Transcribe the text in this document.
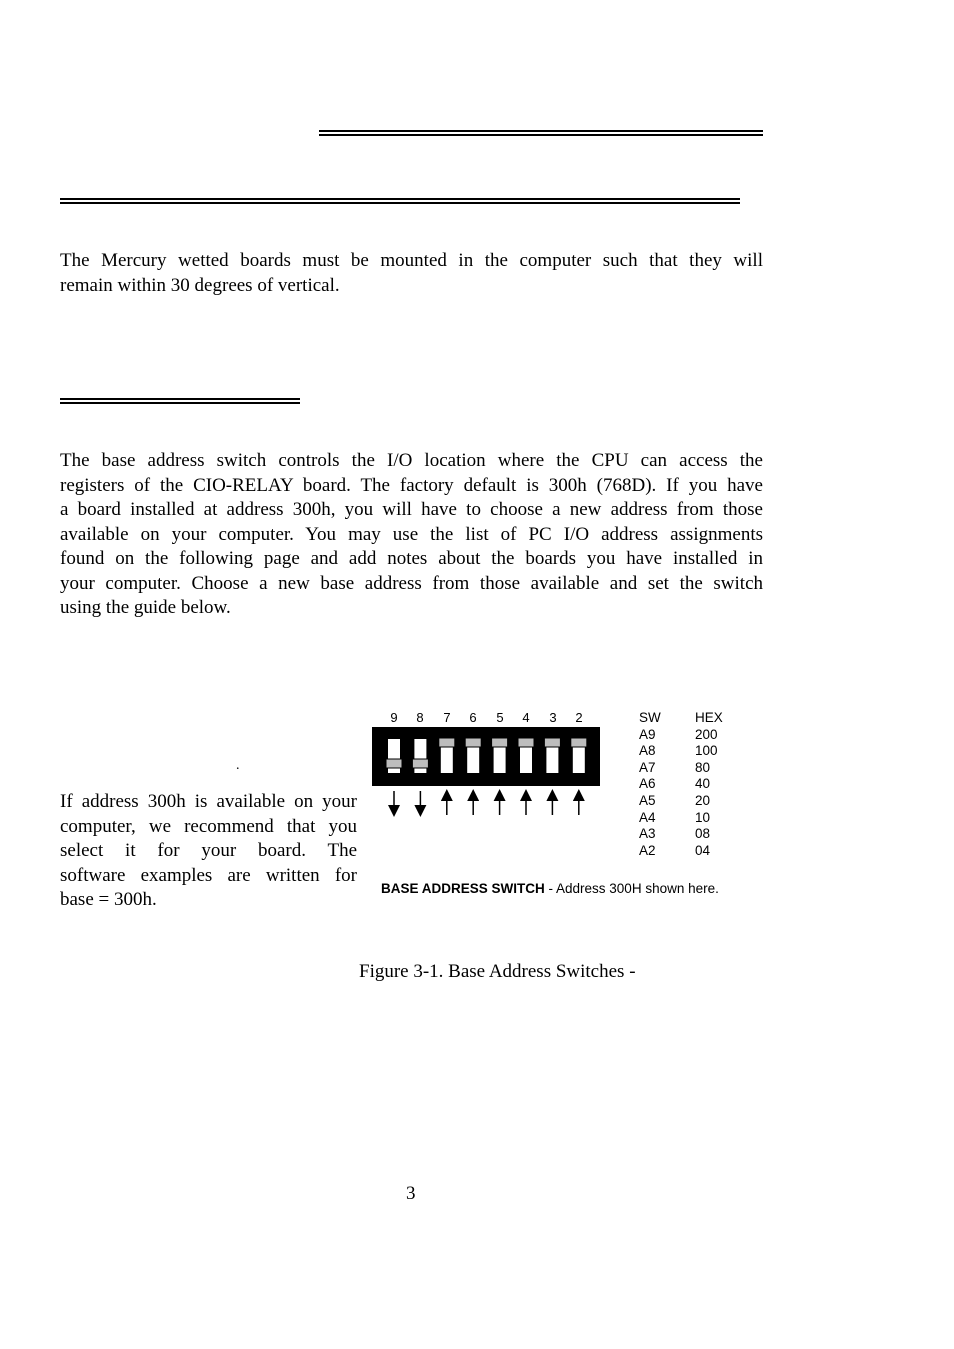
The Mercury wetted boards must be mounted in the computer such that they will
remain within 30 degrees of vertical.
The base address switch controls the I/O location where the CPU can access the
registers of the CIO-RELAY board. The factory default is 300h (768D). If you have
a board installed at address 300h, you will have to choose a new address from those
available on your computer. You may use the list of PC I/O address assignments
found on the following page and add notes about the boards you have installed in
your computer. Choose a new base address from those available and set the switch
using the guide below.
.
If address 300h is available on your
computer, we recommend that you
select it for your board. The
software examples are written for
base = 300h.
9 8 7 6 5 4 3 2	SW	HEX
A9	200
A8	100
A7	80
A6	40
A5	20
A4	10
A3	08
A2	04
BASE ADDRESS SWITCH - Address 300H shown here.
Figure 3-1. Base Address Switches -
3
